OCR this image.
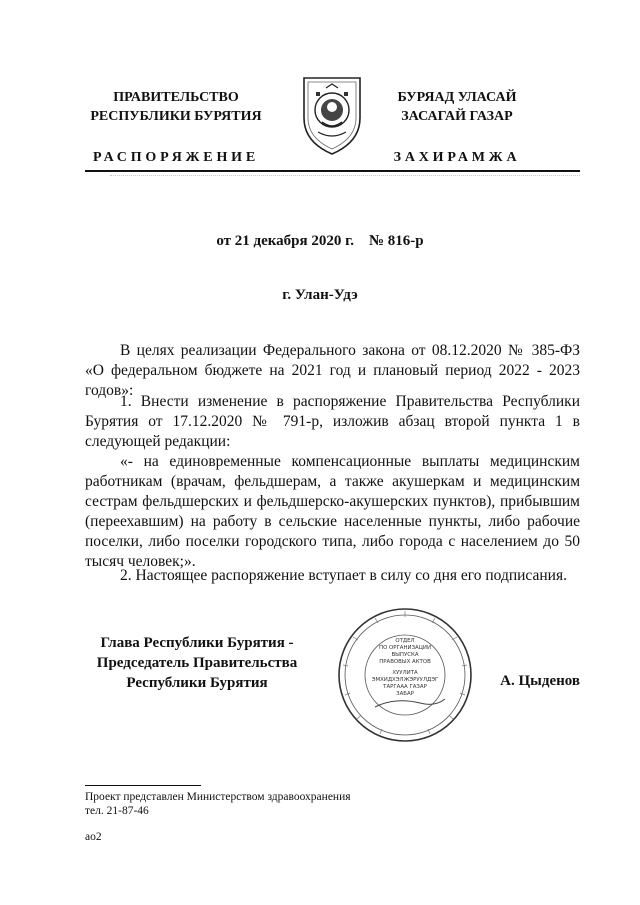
ПРАВИТЕЛЬСТВО
РЕСПУБЛИКИ БУРЯТИЯ
РАСПОРЯЖЕНИЕ
БУРЯАД УЛАСАЙ
ЗАСАГАЙ ГАЗАР
ЗАХИРАМЖА
от 21 декабря 2020 г.    № 816-р
г. Улан-Удэ

В целях реализации Федерального закона от 08.12.2020 № 385-ФЗ «О федеральном бюджете на 2021 год и плановый период 2022 - 2023 годов»:

1. Внести изменение в распоряжение Правительства Республики Бурятия от 17.12.2020 № 791-р, изложив абзац второй пункта 1 в следующей редакции:

«- на единовременные компенсационные выплаты медицинским работникам (врачам, фельдшерам, а также акушеркам и медицинским сестрам фельдшерских и фельдшерско-акушерских пунктов), прибывшим (переехавшим) на работу в сельские населенные пункты, либо рабочие поселки, либо поселки городского типа, либо города с населением до 50 тысяч человек;».

2. Настоящее распоряжение вступает в силу со дня его подписания.

Глава Республики Бурятия -
Председатель Правительства
Республики Бурятия
ОТДЕЛ
ПО ОРГАНИЗАЦИИ
ВЫПУСКА
ПРАВОВЫХ АКТОВ
ХУУЛИТА
ЭМХИДХЭЛЖЭРУУЛДЭГ
ТАРГААА ГАЗАР
ЗАБАР
А. Цыденов
Проект представлен Министерством здравоохранения
тел. 21-87-46
ао2
